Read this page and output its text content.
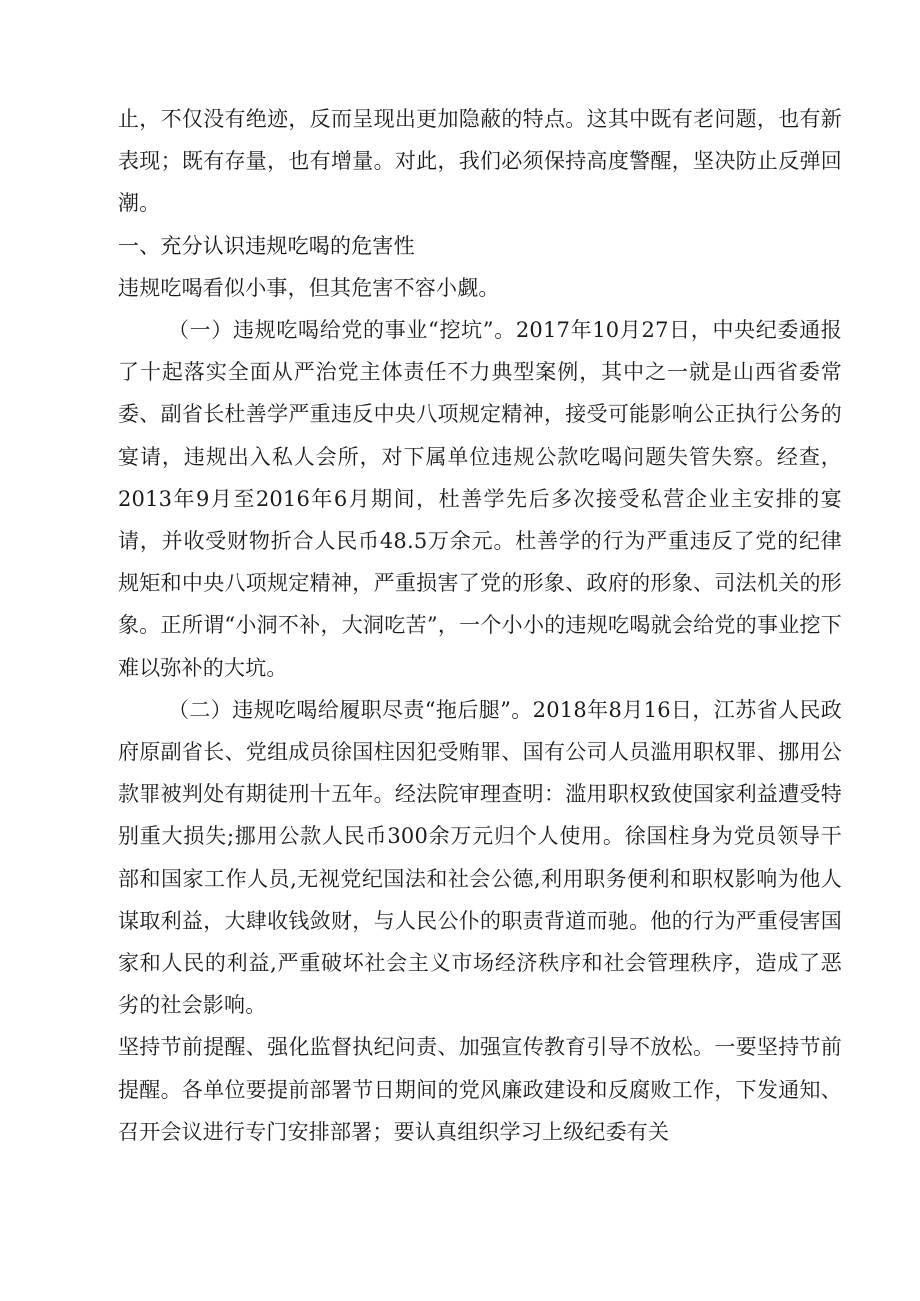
止，不仅没有绝迹，反而呈现出更加隐蔽的特点。这其中既有老问题，也有新表现；既有存量，也有增量。对此，我们必须保持高度警醒，坚决防止反弹回潮。

一、充分认识违规吃喝的危害性

违规吃喝看似小事，但其危害不容小觑。

（一）违规吃喝给党的事业“挖坑”。2017年10月27日，中央纪委通报了十起落实全面从严治党主体责任不力典型案例，其中之一就是山西省委常委、副省长杜善学严重违反中央八项规定精神，接受可能影响公正执行公务的宴请，违规出入私人会所，对下属单位违规公款吃喝问题失管失察。经查，2013年9月至2016年6月期间，杜善学先后多次接受私营企业主安排的宴请，并收受财物折合人民币48.5万余元。杜善学的行为严重违反了党的纪律规矩和中央八项规定精神，严重损害了党的形象、政府的形象、司法机关的形象。正所谓“小洞不补，大洞吃苦”，一个小小的违规吃喝就会给党的事业挖下难以弥补的大坑。

（二）违规吃喝给履职尽责“拖后腿”。2018年8月16日，江苏省人民政府原副省长、党组成员徐国柱因犯受贿罪、国有公司人员滥用职权罪、挪用公款罪被判处有期徒刑十五年。经法院审理查明：滥用职权致使国家利益遭受特别重大损失;挪用公款人民币300余万元归个人使用。徐国柱身为党员领导干部和国家工作人员,无视党纪国法和社会公德,利用职务便利和职权影响为他人谋取利益，大肆收钱敛财，与人民公仆的职责背道而驰。他的行为严重侵害国家和人民的利益,严重破坏社会主义市场经济秩序和社会管理秩序，造成了恶劣的社会影响。

坚持节前提醒、强化监督执纪问责、加强宣传教育引导不放松。一要坚持节前提醒。各单位要提前部署节日期间的党风廉政建设和反腐败工作，下发通知、召开会议进行专门安排部署；要认真组织学习上级纪委有关
